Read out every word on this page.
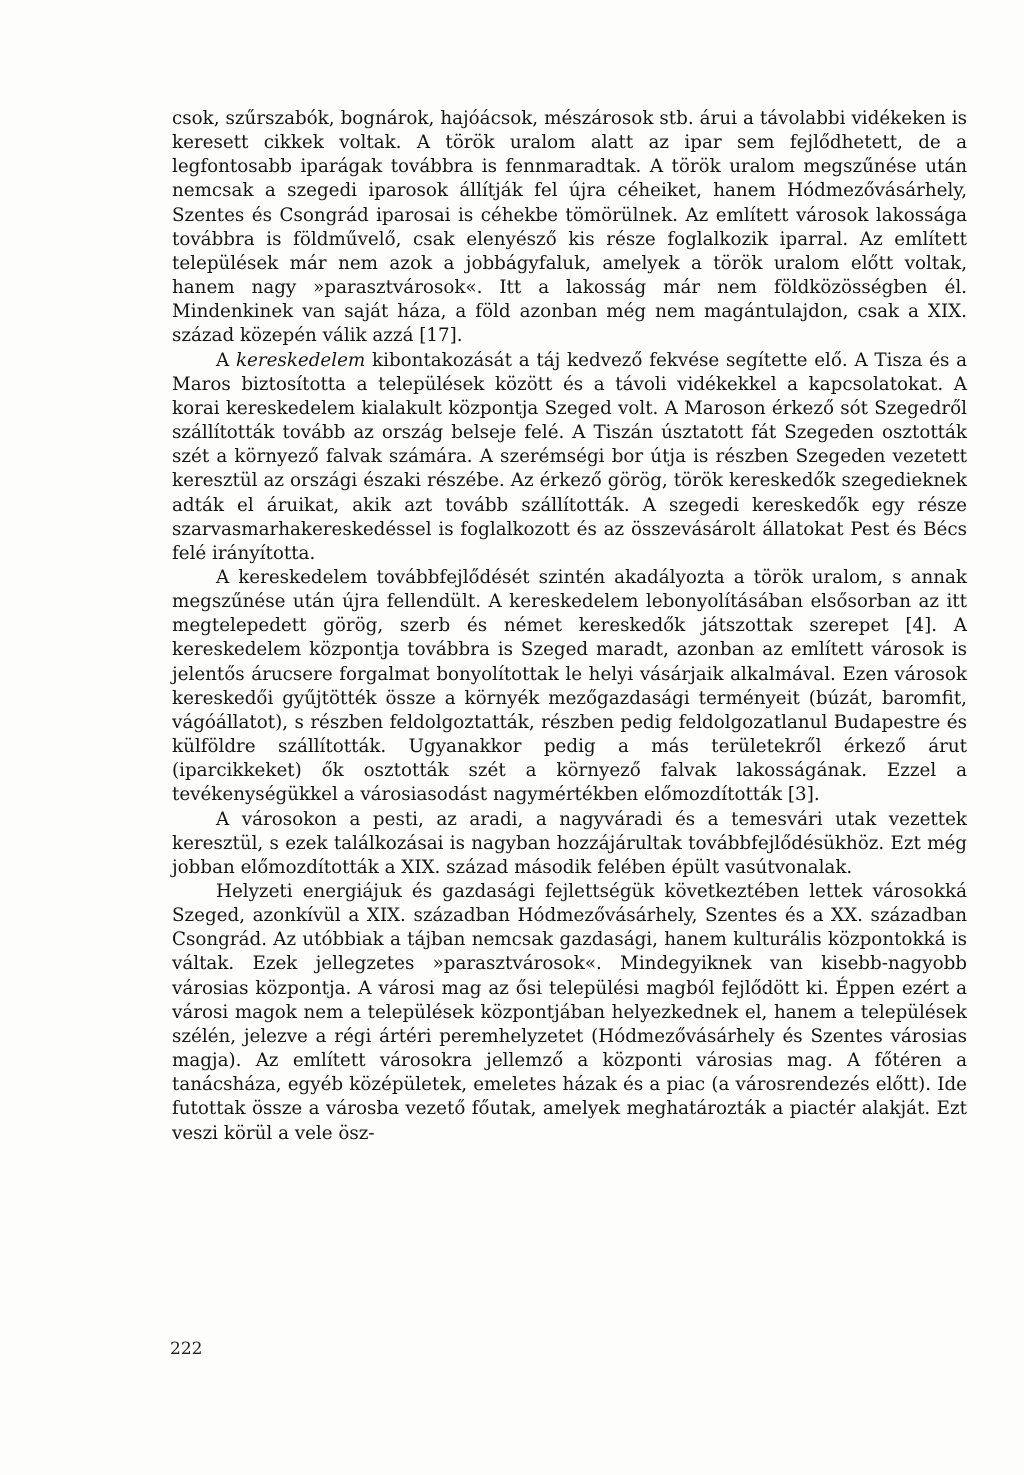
csok, szűrszabók, bognárok, hajóácsok, mészárosok stb. árui a távolabbi vidékeken is keresett cikkek voltak. A török uralom alatt az ipar sem fejlődhetett, de a legfontosabb iparágak továbbra is fennmaradtak. A török uralom megszűnése után nemcsak a szegedi iparosok állítják fel újra céheiket, hanem Hódmezővásárhely, Szentes és Csongrád iparosai is céhekbe tömörülnek. Az említett városok lakossága továbbra is földművelő, csak elenyésző kis része foglalkozik iparral. Az említett települések már nem azok a jobbágyfaluk, amelyek a török uralom előtt voltak, hanem nagy »parasztvárosok«. Itt a lakosság már nem földközösségben él. Mindenkinek van saját háza, a föld azonban még nem magántulajdon, csak a XIX. század közepén válik azzá [17].

A kereskedelem kibontakozását a táj kedvező fekvése segítette elő. A Tisza és a Maros biztosította a települések között és a távoli vidékekkel a kapcsolatokat. A korai kereskedelem kialakult központja Szeged volt. A Maroson érkező sót Szegedről szállították tovább az ország belseje felé. A Tiszán úsztatott fát Szegeden osztották szét a környező falvak számára. A szerémségi bor útja is részben Szegeden vezetett keresztül az országi északi részébe. Az érkező görög, török kereskedők szegedieknek adták el áruikat, akik azt tovább szállították. A szegedi kereskedők egy része szarvasmarhakereskedéssel is foglalkozott és az összevásárolt állatokat Pest és Bécs felé irányította.

A kereskedelem továbbfejlődését szintén akadályozta a török uralom, s annak megszűnése után újra fellendült. A kereskedelem lebonyolításában elsősorban az itt megtelepedett görög, szerb és német kereskedők játszottak szerepet [4]. A kereskedelem központja továbbra is Szeged maradt, azonban az említett városok is jelentős árucsere forgalmat bonyolítottak le helyi vásárjaik alkalmával. Ezen városok kereskedői gyűjtötték össze a környék mezőgazdasági terményeit (búzát, baromfit, vágóállatot), s részben feldolgoztatták, részben pedig feldolgozatlanul Budapestre és külföldre szállították. Ugyanakkor pedig a más területekről érkező árut (iparcikkeket) ők osztották szét a környező falvak lakosságának. Ezzel a tevékenységükkel a városiasodást nagymértékben előmozdították [3].

A városokon a pesti, az aradi, a nagyváradi és a temesvári utak vezettek keresztül, s ezek találkozásai is nagyban hozzájárultak továbbfejlődésükhöz. Ezt még jobban előmozdították a XIX. század második felében épült vasútvonalak.

Helyzeti energiájuk és gazdasági fejlettségük következtében lettek városokká Szeged, azonkívül a XIX. században Hódmezővásárhely, Szentes és a XX. században Csongrád. Az utóbbiak a tájban nemcsak gazdasági, hanem kulturális központokká is váltak. Ezek jellegzetes »parasztvárosok«. Mindegyiknek van kisebb-nagyobb városias központja. A városi mag az ősi települési magból fejlődött ki. Éppen ezért a városi magok nem a települések központjában helyezkednek el, hanem a települések szélén, jelezve a régi ártéri peremhelyzetet (Hódmezővásárhely és Szentes városias magja). Az említett városokra jellemző a központi városias mag. A főtéren a tanácsháza, egyéb középületek, emeletes házak és a piac (a városrendezés előtt). Ide futottak össze a városba vezető főutak, amelyek meghatározták a piactér alakját. Ezt veszi körül a vele ösz-

222
